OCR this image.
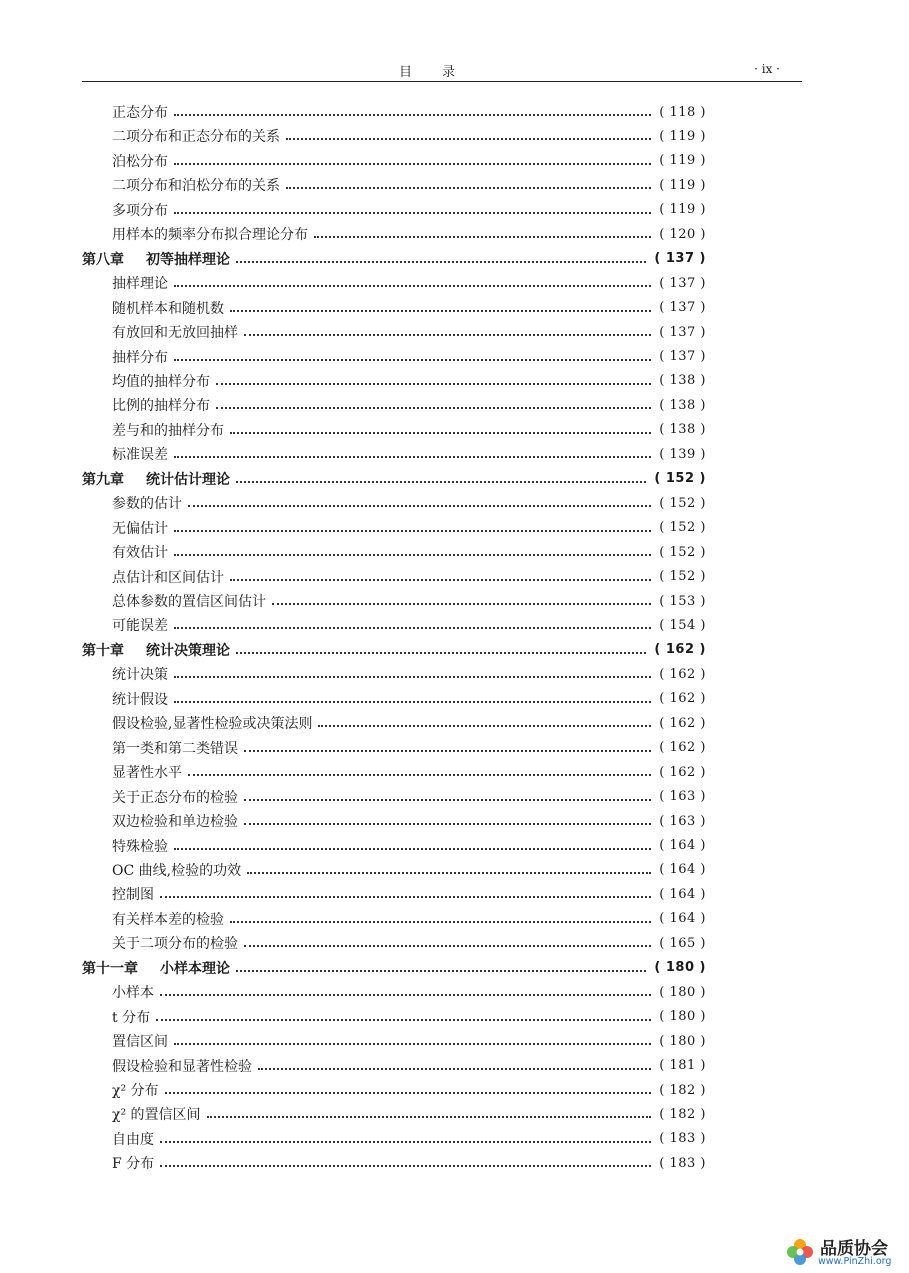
目录	· ix ·
正态分布	( 118 )
二项分布和正态分布的关系	( 119 )
泊松分布	( 119 )
二项分布和泊松分布的关系	( 119 )
多项分布	( 119 )
用样本的频率分布拟合理论分布	( 120 )
第八章 初等抽样理论	( 137 )
抽样理论	( 137 )
随机样本和随机数	( 137 )
有放回和无放回抽样	( 137 )
抽样分布	( 137 )
均值的抽样分布	( 138 )
比例的抽样分布	( 138 )
差与和的抽样分布	( 138 )
标准误差	( 139 )
第九章 统计估计理论	( 152 )
参数的估计	( 152 )
无偏估计	( 152 )
有效估计	( 152 )
点估计和区间估计	( 152 )
总体参数的置信区间估计	( 153 )
可能误差	( 154 )
第十章 统计决策理论	( 162 )
统计决策	( 162 )
统计假设	( 162 )
假设检验,显著性检验或决策法则	( 162 )
第一类和第二类错误	( 162 )
显著性水平	( 162 )
关于正态分布的检验	( 163 )
双边检验和单边检验	( 163 )
特殊检验	( 164 )
OC 曲线,检验的功效	( 164 )
控制图	( 164 )
有关样本差的检验	( 164 )
关于二项分布的检验	( 165 )
第十一章 小样本理论	( 180 )
小样本	( 180 )
t 分布	( 180 )
置信区间	( 180 )
假设检验和显著性检验	( 181 )
χ² 分布	( 182 )
χ² 的置信区间	( 182 )
自由度	( 183 )
F 分布	( 183 )
品质协会
www.PinZhi.org
